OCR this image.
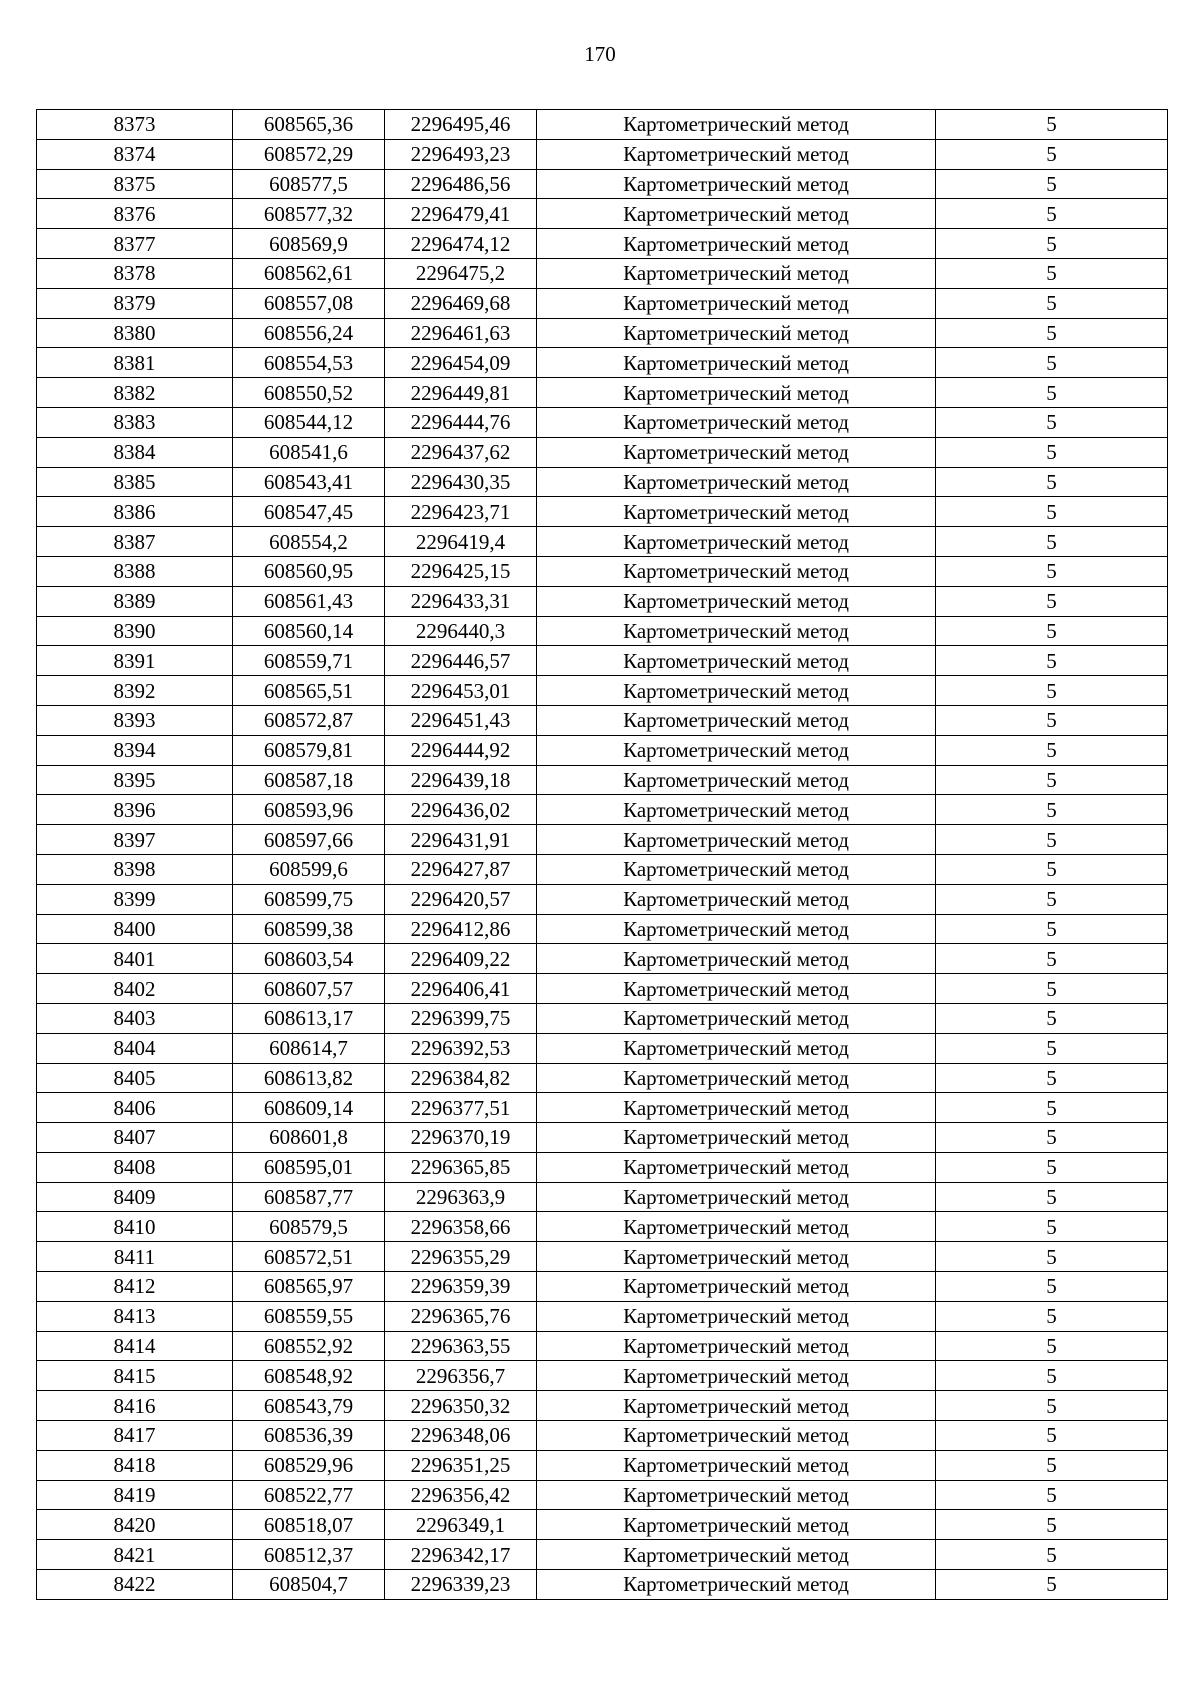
170
8373	608565,36	2296495,46	Картометрический метод	5
8374	608572,29	2296493,23	Картометрический метод	5
8375	608577,5	2296486,56	Картометрический метод	5
8376	608577,32	2296479,41	Картометрический метод	5
8377	608569,9	2296474,12	Картометрический метод	5
8378	608562,61	2296475,2	Картометрический метод	5
8379	608557,08	2296469,68	Картометрический метод	5
8380	608556,24	2296461,63	Картометрический метод	5
8381	608554,53	2296454,09	Картометрический метод	5
8382	608550,52	2296449,81	Картометрический метод	5
8383	608544,12	2296444,76	Картометрический метод	5
8384	608541,6	2296437,62	Картометрический метод	5
8385	608543,41	2296430,35	Картометрический метод	5
8386	608547,45	2296423,71	Картометрический метод	5
8387	608554,2	2296419,4	Картометрический метод	5
8388	608560,95	2296425,15	Картометрический метод	5
8389	608561,43	2296433,31	Картометрический метод	5
8390	608560,14	2296440,3	Картометрический метод	5
8391	608559,71	2296446,57	Картометрический метод	5
8392	608565,51	2296453,01	Картометрический метод	5
8393	608572,87	2296451,43	Картометрический метод	5
8394	608579,81	2296444,92	Картометрический метод	5
8395	608587,18	2296439,18	Картометрический метод	5
8396	608593,96	2296436,02	Картометрический метод	5
8397	608597,66	2296431,91	Картометрический метод	5
8398	608599,6	2296427,87	Картометрический метод	5
8399	608599,75	2296420,57	Картометрический метод	5
8400	608599,38	2296412,86	Картометрический метод	5
8401	608603,54	2296409,22	Картометрический метод	5
8402	608607,57	2296406,41	Картометрический метод	5
8403	608613,17	2296399,75	Картометрический метод	5
8404	608614,7	2296392,53	Картометрический метод	5
8405	608613,82	2296384,82	Картометрический метод	5
8406	608609,14	2296377,51	Картометрический метод	5
8407	608601,8	2296370,19	Картометрический метод	5
8408	608595,01	2296365,85	Картометрический метод	5
8409	608587,77	2296363,9	Картометрический метод	5
8410	608579,5	2296358,66	Картометрический метод	5
8411	608572,51	2296355,29	Картометрический метод	5
8412	608565,97	2296359,39	Картометрический метод	5
8413	608559,55	2296365,76	Картометрический метод	5
8414	608552,92	2296363,55	Картометрический метод	5
8415	608548,92	2296356,7	Картометрический метод	5
8416	608543,79	2296350,32	Картометрический метод	5
8417	608536,39	2296348,06	Картометрический метод	5
8418	608529,96	2296351,25	Картометрический метод	5
8419	608522,77	2296356,42	Картометрический метод	5
8420	608518,07	2296349,1	Картометрический метод	5
8421	608512,37	2296342,17	Картометрический метод	5
8422	608504,7	2296339,23	Картометрический метод	5
